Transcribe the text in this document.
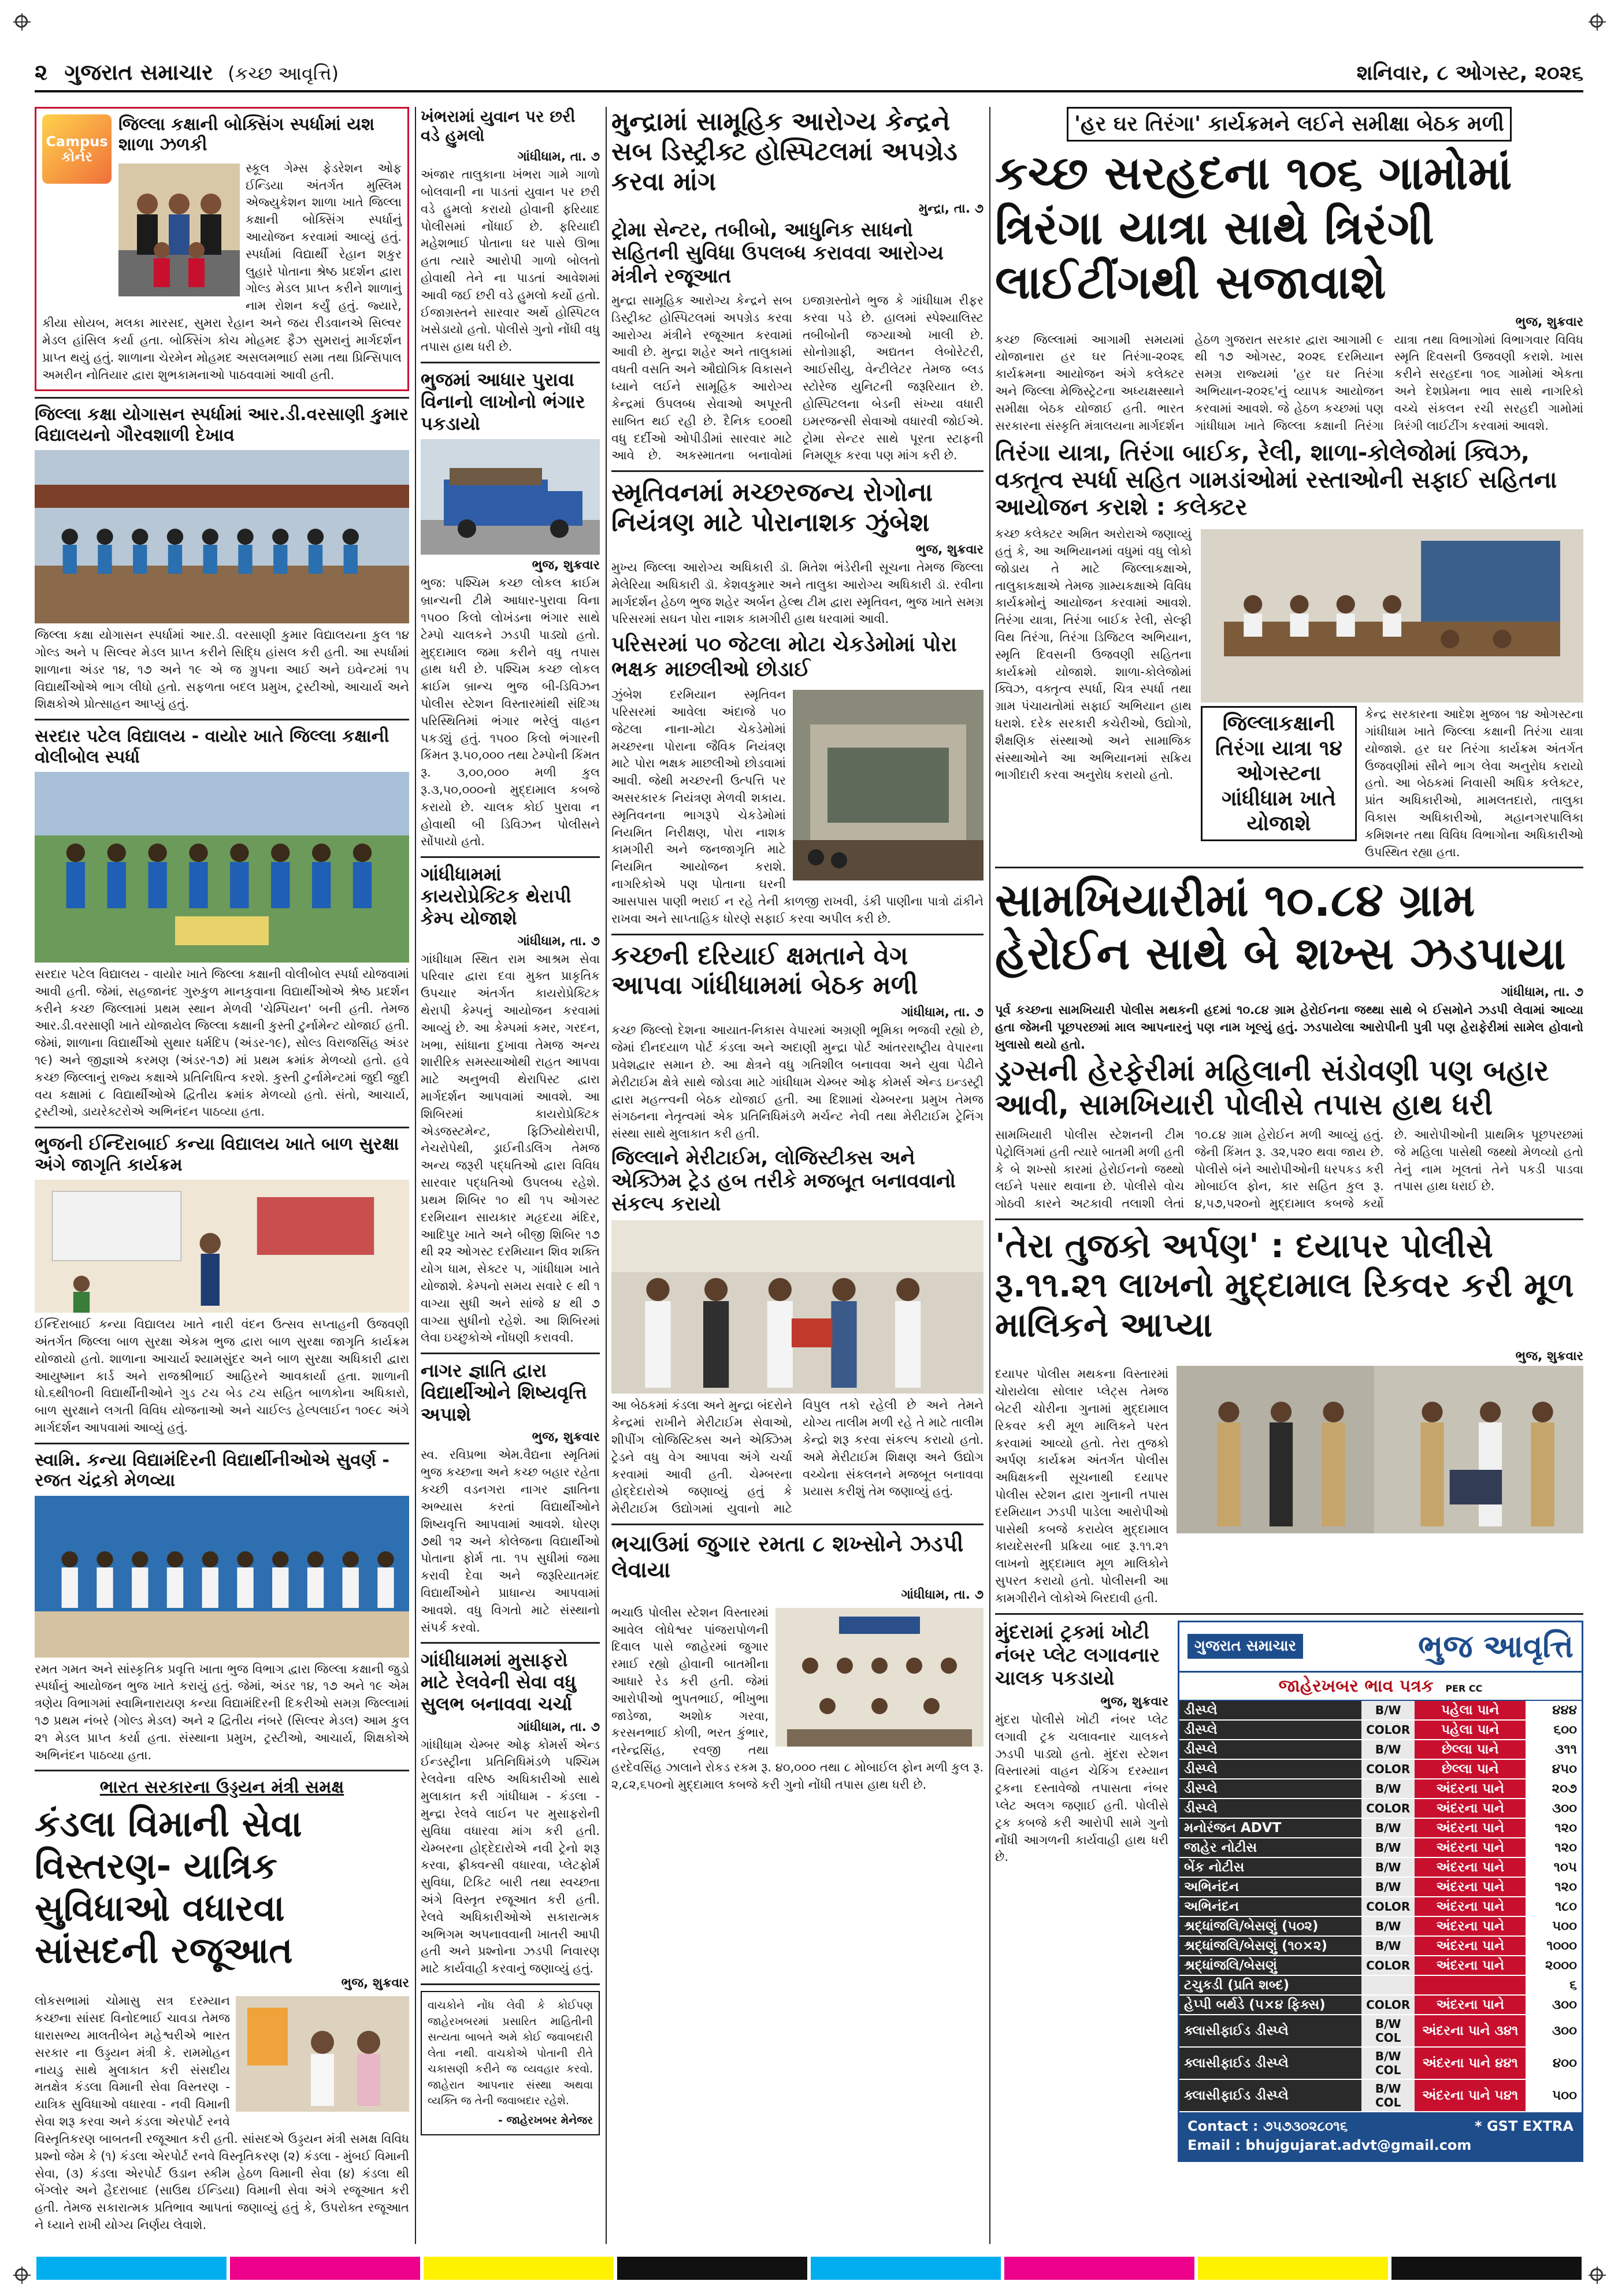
૨ ગુજરાત સમાચાર (કચ્છ આવૃત્તિ)	શનિવાર, ૮ ઓગસ્ટ, ૨૦૨૬
Campus કોર્નર
જિલ્લા કક્ષાની બોક્સિંગ સ્પર્ધામાં યશ શાળા ઝળકી
સ્કૂલ ગેમ્સ ફેડરેશન ઓફ ઈન્ડિયા અંતર્ગત મુસ્લિમ એજ્યુકેશન શાળા ખાતે જિલ્લા કક્ષાની બોક્સિંગ સ્પર્ધાનું આયોજન કરવામાં આવ્યું હતું. સ્પર્ધામાં વિદ્યાર્થી રેહાન શકુર લુહારે પોતાના શ્રેષ્ઠ પ્રદર્શન દ્વારા ગોલ્ડ મેડલ પ્રાપ્ત કરીને શાળાનું નામ રોશન કર્યું હતું. જ્યારે, કીયા સોયબ, મલકા મારસદ, સુમરા રેહાન અને જય રીડવાનએ સિલ્વર મેડલ હાંસિલ કર્યા હતા. બોક્સિંગ કોચ મોહમદ ફૈઝ સુમરાનું માર્ગદર્શન પ્રાપ્ત થયું હતું. શાળાના ચેરમેન મોહમદ અસલમભાઈ સમા તથા પ્રિન્સિપાલ અમરીન નોતિયાર દ્વારા શુભકામનાઓ પાઠવવામાં આવી હતી.
જિલ્લા કક્ષા યોગાસન સ્પર્ધામાં આર.ડી.વરસાણી કુમાર વિદ્યાલયનો ગૌરવશાળી દેખાવ
જિલ્લા કક્ષા યોગાસન સ્પર્ધામાં આર.ડી. વરસાણી કુમાર વિદ્યાલયના કુલ ૧૪ ગોલ્ડ અને ૫ સિલ્વર મેડલ પ્રાપ્ત કરીને સિદ્ધિ હાંસલ કરી હતી. આ સ્પર્ધામાં શાળાના અંડર ૧૪, ૧૭ અને ૧૯ એ જ ગ્રુપના આઈ અને ઇવેન્ટમાં ૧૫ વિદ્યાર્થીઓએ ભાગ લીધો હતો. સફળતા બદલ પ્રમુખ, ટ્રસ્ટીઓ, આચાર્ય અને શિક્ષકોએ પ્રોત્સાહન આપ્યું હતું.
સરદાર પટેલ વિદ્યાલય - વાયોર ખાતે જિલ્લા કક્ષાની વોલીબોલ સ્પર્ધા
સરદાર પટેલ વિદ્યાલય - વાયોર ખાતે જિલ્લા કક્ષાની વોલીબોલ સ્પર્ધા યોજવામાં આવી હતી. જેમાં, સહજાનંદ ગુરુકુળ માનકુવાના વિદ્યાર્થીઓએ શ્રેષ્ઠ પ્રદર્શન કરીને કચ્છ જિલ્લામાં પ્રથમ સ્થાન મેળવી 'ચેમ્પિયન' બની હતી. તેમજ આર.ડી.વરસાણી ખાતે યોજાયેલ જિલ્લા કક્ષાની કુસ્તી ટુર્નામેન્ટ યોજાઈ હતી. જેમાં, શાળાના વિદ્યાર્થીઓ સુથાર ધર્મદિપ (અંડર-૧૯), સોલ્ડ વિરાજસિંહ અંડર ૧૯) અને જીજ્ઞાએ કરમણ (અંડર-૧૭) માં પ્રથમ ક્રમાંક મેળવ્યો હતો. હવે કચ્છ જિલ્લાનું રાજ્ય કક્ષાએ પ્રતિનિધિત્વ કરશે. કુસ્તી ટુર્નામેન્ટમાં જુદી જુદી વય કક્ષામાં ૮ વિદ્યાર્થીઓએ દ્વિતીય ક્રમાંક મેળવ્યો હતો. સંતો, આચાર્ય, ટ્રસ્ટીઓ, ડાયરેક્ટરોએ અભિનંદન પાઠવ્યા હતા.
ભુજની ઈન્દિરાબાઈ કન્યા વિદ્યાલય ખાતે બાળ સુરક્ષા અંગે જાગૃતિ કાર્યક્રમ
ઈન્દિરાબાઈ કન્યા વિદ્યાલય ખાતે નારી વંદન ઉત્સવ સપ્તાહની ઉજવણી અંતર્ગત જિલ્લા બાળ સુરક્ષા એકમ ભુજ દ્વારા બાળ સુરક્ષા જાગૃતિ કાર્યક્રમ યોજાયો હતો. શાળાના આચાર્ય શ્યામસુંદર અને બાળ સુરક્ષા અધિકારી દ્વારા આયુષ્માન કાર્ડ અને રાજશ્રીભાઈ આહિરને આવકાર્યા હતા. શાળાની ધો.૬થી૧૦ની વિદ્યાર્થીનીઓને ગુડ ટચ બેડ ટચ સહિત બાળકોના અધિકારો, બાળ સુરક્ષાને લગતી વિવિધ યોજનાઓ અને ચાઈલ્ડ હેલ્પલાઈન ૧૦૯૮ અંગે માર્ગદર્શન આપવામાં આવ્યું હતું.
સ્વામિ. કન્યા વિદ્યામંદિરની વિદ્યાર્થીનીઓએ સુવર્ણ - રજત ચંદ્રકો મેળવ્યા
રમત ગમત અને સાંસ્કૃતિક પ્રવૃત્તિ ખાતા ભુજ વિભાગ દ્વારા જિલ્લા કક્ષાની જુડો સ્પર્ધાનું આયોજન ભુજ ખાતે કરાયું હતું. જેમાં, અંડર ૧૪, ૧૭ અને ૧૯ એમ ત્રણેય વિભાગમાં સ્વામિનારાયણ કન્યા વિદ્યામંદિરની દિકરીઓ સમગ્ર જિલ્લામાં ૧૭ પ્રથમ નંબરે (ગોલ્ડ મેડલ) અને ૨ દ્વિતીય નંબરે (સિલ્વર મેડલ) આમ કુલ ૨૧ મેડલ પ્રાપ્ત કર્યા હતા. સંસ્થાના પ્રમુખ, ટ્રસ્ટીઓ, આચાર્ય, શિક્ષકોએ અભિનંદન પાઠવ્યા હતા.
ભારત સરકારના ઉડ્ડયન મંત્રી સમક્ષ
કંડલા વિમાની સેવા વિસ્તરણ- યાત્રિક સુવિધાઓ વધારવા સાંસદની રજૂઆત
ભુજ, શુક્રવાર
લોકસભામાં ચોમાસુ સત્ર દરમ્યાન કચ્છના સાંસદ વિનોદભાઈ ચાવડા તેમજ ધારાસભ્ય માલતીબેન મહેશ્વરીએ ભારત સરકાર ના ઉડ્ડયન મંત્રી કે. રામમોહન નાયડુ સાથે મુલાકાત કરી સંસદીય મતક્ષેત્ર કંડલા વિમાની સેવા વિસ્તરણ - યાત્રિક સુવિધાઓ વધારવા - નવી વિમાની સેવા શરૂ કરવા અને કંડલા એરપોર્ટ રનવે વિસ્તૃતિકરણ બાબતની રજૂઆત કરી હતી. સાંસદએ ઉડ્ડયન મંત્રી સમક્ષ વિવિધ પ્રશ્નો જેમ કે (૧) કંડલા એરપોર્ટ રનવે વિસ્તૃતિકરણ (૨) કંડલા - મુંબઈ વિમાની સેવા, (૩) કંડલા એરપોર્ટ ઉડાન સ્કીમ હેઠળ વિમાની સેવા (૪) કંડલા થી બેંગ્લોર અને હૈદરાબાદ (સાઉથ ઈન્ડિયા) વિમાની સેવા અંગે રજૂઆત કરી હતી. તેમજ સકારાત્મક પ્રતિભાવ આપતાં જણાવ્યું હતું કે, ઉપરોક્ત રજૂઆત ને ધ્યાને રાખી યોગ્ય નિર્ણય લેવાશે.
ખંભરામાં યુવાન પર છરી વડે હુમલો
ગાંધીધામ, તા. ૭
અંજાર તાલુકાના ખંભરા ગામે ગાળો બોલવાની ના પાડતાં યુવાન પર છરી વડે હુમલો કરાયો હોવાની ફરિયાદ પોલીસમાં નોંધાઈ છે. ફરિયાદી મહેશભાઈ પોતાના ઘર પાસે ઊભા હતા ત્યારે આરોપી ગાળો બોલતો હોવાથી તેને ના પાડતાં આવેશમાં આવી જઈ છરી વડે હુમલો કર્યો હતો. ઈજાગ્રસ્તને સારવાર અર્થે હોસ્પિટલ ખસેડાયો હતો. પોલીસે ગુનો નોંધી વધુ તપાસ હાથ ધરી છે.
ભુજમાં આધાર પુરાવા વિનાનો લાખોનો ભંગાર પકડાયો
ભુજ, શુક્રવાર
ભુજ: પશ્ચિમ કચ્છ લોકલ ક્રાઈમ બ્રાન્ચની ટીમે આધાર-પુરાવા વિના ૧૫૦૦ કિલો લોખંડના ભંગાર સાથે ટેમ્પો ચાલકને ઝડપી પાડ્યો હતો. મુદ્દામાલ જમા કરીને વધુ તપાસ હાથ ધરી છે. પશ્ચિમ કચ્છ લોકલ ક્રાઈમ બ્રાન્ચ ભુજ બી-ડિવિઝન પોલીસ સ્ટેશન વિસ્તારમાંથી સંદિગ્ધ પરિસ્થિતિમાં ભંગાર ભરેલું વાહન પકડ્યું હતું. ૧૫૦૦ કિલો ભંગારની કિંમત રૂ.૫૦,૦૦૦ તથા ટેમ્પોની કિંમત રૂ. ૩,૦૦,૦૦૦ મળી કુલ રૂ.૩,૫૦,૦૦૦નો મુદ્દામાલ કબજે કરાયો છે. ચાલક કોઈ પુરાવા ન હોવાથી બી ડિવિઝન પોલીસને સોંપાયો હતો.
ગાંધીધામમાં કાયરોપ્રેક્ટિક થેરાપી કેમ્પ યોજાશે
ગાંધીધામ, તા. ૭
ગાંધીધામ સ્થિત રામ આશ્રમ સેવા પરિવાર દ્વારા દવા મુક્ત પ્રાકૃતિક ઉપચાર અંતર્ગત કાયરોપ્રેક્ટિક થેરાપી કેમ્પનું આયોજન કરવામાં આવ્યું છે. આ કેમ્પમાં કમર, ગરદન, ખભા, સાંધાના દુખાવા તેમજ અન્ય શારીરિક સમસ્યાઓથી રાહત આપવા માટે અનુભવી થેરાપિસ્ટ દ્વારા માર્ગદર્શન આપવામાં આવશે. આ શિબિરમાં કાયરોપ્રેક્ટિક એડજસ્ટમેન્ટ, ફિઝિયોથેરાપી, નેચરોપેથી, ડ્રાઈનીડલિંગ તેમજ અન્ય જરૂરી પદ્ધતિઓ દ્વારા વિવિધ સારવાર પદ્ધતિઓ ઉપલબ્ધ રહેશે. પ્રથમ શિબિર ૧૦ થી ૧૫ ઓગસ્ટ દરમિયાન સાયકાર મહૃદયા મંદિર, આદિપુર ખાતે અને બીજી શિબિર ૧૭ થી ૨૨ ઓગસ્ટ દરમિયાન શિવ શક્તિ યોગ ધામ, સેક્ટર ૫, ગાંધીધામ ખાતે યોજાશે. કેમ્પનો સમય સવારે ૯ થી ૧ વાગ્યા સુધી અને સાંજે ૪ થી ૭ વાગ્યા સુધીનો રહેશે. આ શિબિરમાં લેવા ઇચ્છુકોએ નોંધણી કરાવવી.
નાગર જ્ઞાતિ દ્વારા વિદ્યાર્થીઓને શિષ્યવૃત્તિ અપાશે
ભુજ, શુક્રવાર
સ્વ. રવિપ્રભા એમ.વૈદ્યના સ્મૃતિમાં ભુજ કચ્છના અને કચ્છ બહાર રહેતા કચ્છી વડનગરા નાગર જ્ઞાતિના અભ્યાસ કરતાં વિદ્યાર્થીઓને શિષ્યવૃત્તિ આપવામાં આવશે. ધોરણ ૭થી ૧૨ અને કોલેજના વિદ્યાર્થીઓ પોતાના ફોર્મ તા. ૧૫ સુધીમાં જમા કરાવી દેવા અને જરૂરિયાતમંદ વિદ્યાર્થીઓને પ્રાધાન્ય આપવામાં આવશે. વધુ વિગતો માટે સંસ્થાનો સંપર્ક કરવો.
ગાંધીધામમાં મુસાફરો માટે રેલવેની સેવા વધુ સુલભ બનાવવા ચર્ચા
ગાંધીધામ, તા. ૭
ગાંધીધામ ચેમ્બર ઓફ કોમર્સ એન્ડ ઈન્ડસ્ટ્રીના પ્રતિનિધિમંડળે પશ્ચિમ રેલવેના વરિષ્ઠ અધિકારીઓ સાથે મુલાકાત કરી ગાંધીધામ - કંડલા - મુન્દ્રા રેલવે લાઈન પર મુસાફરોની સુવિધા વધારવા માંગ કરી હતી. ચેમ્બરના હોદ્દેદારોએ નવી ટ્રેનો શરૂ કરવા, ફ્રીક્વન્સી વધારવા, પ્લેટફોર્મ સુવિધા, ટિકિટ બારી તથા સ્વચ્છતા અંગે વિસ્તૃત રજૂઆત કરી હતી. રેલવે અધિકારીઓએ સકારાત્મક અભિગમ અપનાવવાની ખાતરી આપી હતી અને પ્રશ્નોના ઝડપી નિવારણ માટે કાર્યવાહી કરવાનું જણાવ્યું હતું.
વાચકોને નોંધ લેવી કે કોઈપણ જાહેરખબરમાં પ્રસારિત માહિતીની સત્યતા બાબતે અમે કોઈ જવાબદારી લેતા નથી. વાચકોએ પોતાની રીતે ચકાસણી કરીને જ વ્યવહાર કરવો. જાહેરાત આપનાર સંસ્થા અથવા વ્યક્તિ જ તેની જવાબદાર રહેશે.
- જાહેરખબર મેનેજર
મુન્દ્રામાં સામૂહિક આરોગ્ય કેન્દ્રને સબ ડિસ્ટ્રીક્ટ હોસ્પિટલમાં અપગ્રેડ કરવા માંગ
મુન્દ્રા, તા. ૭
ટ્રોમા સેન્ટર, તબીબો, આધુનિક સાધનો સહિતની સુવિધા ઉપલબ્ધ કરાવવા આરોગ્ય મંત્રીને રજૂઆત
મુન્દ્રા સામૂહિક આરોગ્ય કેન્દ્રને સબ ડિસ્ટ્રીક્ટ હોસ્પિટલમાં અપગ્રેડ કરવા આરોગ્ય મંત્રીને રજૂઆત કરવામાં આવી છે. મુન્દ્રા શહેર અને તાલુકામાં વધતી વસતિ અને ઔદ્યોગિક વિકાસને ધ્યાને લઈને સામૂહિક આરોગ્ય કેન્દ્રમાં ઉપલબ્ધ સેવાઓ અપૂરતી સાબિત થઈ રહી છે. દૈનિક ૬૦૦થી વધુ દર્દીઓ ઓપીડીમાં સારવાર માટે આવે છે. અકસ્માતના બનાવોમાં ઇજાગ્રસ્તોને ભુજ કે ગાંધીધામ રીફર કરવા પડે છે. હાલમાં સ્પેશ્યાલિસ્ટ તબીબોની જગ્યાઓ ખાલી છે. સોનોગ્રાફી, અદ્યતન લેબોરેટરી, આઈસીયુ, વેન્ટીલેટર તેમજ બ્લડ સ્ટોરેજ યુનિટની જરૂરિયાત છે. હોસ્પિટલના બેડની સંખ્યા વધારી ઇમરજન્સી સેવાઓ વધારવી જોઈએ. ટ્રોમા સેન્ટર સાથે પૂરતા સ્ટાફની નિમણૂક કરવા પણ માંગ કરી છે.
સ્મૃતિવનમાં મચ્છરજન્ય રોગોના નિયંત્રણ માટે પોરાનાશક ઝુંબેશ
ભુજ, શુક્રવાર
મુખ્ય જિલ્લા આરોગ્ય અધિકારી ડૉ. મિતેશ ભંડેરીની સૂચના તેમજ જિલ્લા મેલેરિયા અધિકારી ડૉ. કેશવકુમાર અને તાલુકા આરોગ્ય અધિકારી ડૉ. રવીના માર્ગદર્શન હેઠળ ભુજ શહેર અર્બન હેલ્થ ટીમ દ્વારા સ્મૃતિવન, ભુજ ખાતે સમગ્ર પરિસરમાં સઘન પોરા નાશક કામગીરી હાથ ધરવામાં આવી.
પરિસરમાં ૫૦ જેટલા મોટા ચેકડેમોમાં પોરા ભક્ષક માછલીઓ છોડાઈ
ઝુંબેશ દરમિયાન સ્મૃતિવન પરિસરમાં આવેલા અંદાજે ૫૦ જેટલા નાના-મોટા ચેકડેમોમાં મચ્છરના પોરાના જૈવિક નિયંત્રણ માટે પોરા ભક્ષક માછલીઓ છોડવામાં આવી. જેથી મચ્છરની ઉત્પત્તિ પર અસરકારક નિયંત્રણ મેળવી શકાય. સ્મૃતિવનના ભાગરૂપે ચેકડેમોમાં નિયમિત નિરીક્ષણ, પોરા નાશક કામગીરી અને જનજાગૃતિ માટે નિયમિત આયોજન કરાશે. નાગરિકોએ પણ પોતાના ઘરની આસપાસ પાણી ભરાઈ ન રહે તેની કાળજી રાખવી, ડંકી પાણીના પાત્રો ઢાંકીને રાખવા અને સાપ્તાહિક ધોરણે સફાઈ કરવા અપીલ કરી છે.
કચ્છની દરિયાઈ ક્ષમતાને વેગ આપવા ગાંધીધામમાં બેઠક મળી
ગાંધીધામ, તા. ૭
કચ્છ જિલ્લો દેશના આયાત-નિકાસ વેપારમાં અગ્રણી ભૂમિકા ભજવી રહ્યો છે, જેમાં દીનદયાળ પોર્ટ કંડલા અને અદાણી મુન્દ્રા પોર્ટ આંતરરાષ્ટ્રીય વેપારના પ્રવેશદ્વાર સમાન છે. આ ક્ષેત્રને વધુ ગતિશીલ બનાવવા અને યુવા પેઢીને મેરીટાઈમ ક્ષેત્રે સાથે જોડવા માટે ગાંધીધામ ચેમ્બર ઓફ કોમર્સ એન્ડ ઇન્ડસ્ટ્રી દ્વારા મહત્ત્વની બેઠક યોજાઈ હતી. આ દિશામાં ચેમ્બરના પ્રમુખ તેમજ સંગઠનના નેતૃત્વમાં એક પ્રતિનિધિમંડળે મર્ચન્ટ નેવી તથા મેરીટાઈમ ટ્રેનિંગ સંસ્થા સાથે મુલાકાત કરી હતી.
જિલ્લાને મેરીટાઈમ, લોજિસ્ટીક્સ અને એક્ઝિમ ટ્રેડ હબ તરીકે મજબૂત બનાવવાનો સંકલ્પ કરાયો
આ બેઠકમાં કંડલા અને મુન્દ્રા બંદરોને કેન્દ્રમાં રાખીને મેરીટાઈમ સેવાઓ, શીપીંગ લોજિસ્ટિક્સ અને એક્ઝિમ ટ્રેડને વધુ વેગ આપવા અંગે ચર્ચા કરવામાં આવી હતી. ચેમ્બરના હોદ્દેદારોએ જણાવ્યું હતું કે મેરીટાઈમ ઉદ્યોગમાં યુવાનો માટે વિપુલ તકો રહેલી છે અને તેમને યોગ્ય તાલીમ મળી રહે તે માટે તાલીમ કેન્દ્રો શરૂ કરવા સંકલ્પ કરાયો હતો. અમે મેરીટાઈમ શિક્ષણ અને ઉદ્યોગ વચ્ચેના સંકલનને મજબૂત બનાવવા પ્રયાસ કરીશું તેમ જણાવ્યું હતું.
ભચાઉમાં જુગાર રમતા ૮ શખ્સોને ઝડપી લેવાયા
ગાંધીધામ, તા. ૭
ભચાઉ પોલીસ સ્ટેશન વિસ્તારમાં આવેલ લોધેશ્વર પાંજરાપોળની દિવાલ પાસે જાહેરમાં જુગાર રમાઈ રહ્યો હોવાની બાતમીના આધારે રેડ કરી હતી. જેમાં આરોપીઓ ભુપતભાઈ, ભીખુભા જાડેજા, અશોક ગરવા, કરસનભાઈ કોળી, ભરત કુંભાર, નરેન્દ્રસિંહ, રવજી તથા હરદેવસિંહ ઝાલાને રોકડ રકમ રૂ. ૪૦,૦૦૦ તથા ૮ મોબાઈલ ફોન મળી કુલ રૂ. ૨,૮૨,૬૫૦નો મુદ્દામાલ કબજે કરી ગુનો નોંધી તપાસ હાથ ધરી છે.
'હર ઘર તિરંગા' કાર્યક્રમને લઈને સમીક્ષા બેઠક મળી
કચ્છ સરહદના ૧૦૬ ગામોમાં ત્રિરંગા યાત્રા સાથે ત્રિરંગી લાઈટીંગથી સજાવાશે
ભુજ, શુક્રવાર
કચ્છ જિલ્લામાં આગામી સમયમાં યોજાનારા હર ઘર તિરંગા-૨૦૨૬ કાર્યક્રમના આયોજન અંગે કલેક્ટર અને જિલ્લા મેજિસ્ટ્રેટના અધ્યક્ષસ્થાને સમીક્ષા બેઠક યોજાઈ હતી. ભારત સરકારના સંસ્કૃતિ મંત્રાલયના માર્ગદર્શન હેઠળ ગુજરાત સરકાર દ્વારા આગામી ૯ થી ૧૭ ઓગસ્ટ, ૨૦૨૬ દરમિયાન સમગ્ર રાજ્યમાં 'હર ઘર તિરંગા અભિયાન-૨૦૨૬'નું વ્યાપક આયોજન કરવામાં આવશે. જે હેઠળ કચ્છમાં પણ ગાંધીધામ ખાતે જિલ્લા કક્ષાની તિરંગા યાત્રા તથા વિભાગોમાં વિભાગવાર વિવિધ સ્મૃતિ દિવસની ઉજવણી કરાશે. ખાસ કરીને સરહદના ૧૦૬ ગામોમાં એકતા અને દેશપ્રેમના ભાવ સાથે નાગરિકો વચ્ચે સંકલન રચી સરહદી ગામોમાં ત્રિરંગી લાઈટીંગ કરવામાં આવશે.
તિરંગા યાત્રા, તિરંગા બાઈક, રેલી, શાળા-કોલેજોમાં ક્વિઝ, વક્તૃત્વ સ્પર્ધા સહિત ગામડાંઓમાં રસ્તાઓની સફાઈ સહિતના આયોજન કરાશે : કલેક્ટર
કચ્છ કલેક્ટર અમિત અરોરાએ જણાવ્યું હતું કે, આ અભિયાનમાં વધુમાં વધુ લોકો જોડાય તે માટે જિલ્લાકક્ષાએ, તાલુકાકક્ષાએ તેમજ ગ્રામ્યકક્ષાએ વિવિધ કાર્યક્રમોનું આયોજન કરવામાં આવશે. તિરંગા યાત્રા, તિરંગા બાઈક રેલી, સેલ્ફી વિથ તિરંગા, તિરંગા ડિજિટલ અભિયાન, સ્મૃતિ દિવસની ઉજવણી સહિતના કાર્યક્રમો યોજાશે. શાળા-કોલેજોમાં ક્વિઝ, વક્તૃત્વ સ્પર્ધા, ચિત્ર સ્પર્ધા તથા ગ્રામ પંચાયતોમાં સફાઈ અભિયાન હાથ ધરાશે. દરેક સરકારી કચેરીઓ, ઉદ્યોગો, શૈક્ષણિક સંસ્થાઓ અને સામાજિક સંસ્થાઓને આ અભિયાનમાં સક્રિય ભાગીદારી કરવા અનુરોધ કરાયો હતો.
જિલ્લાકક્ષાની તિરંગા યાત્રા ૧૪ ઓગસ્ટના ગાંધીધામ ખાતે યોજાશે
કેન્દ્ર સરકારના આદેશ મુજબ ૧૪ ઓગસ્ટના ગાંધીધામ ખાતે જિલ્લા કક્ષાની તિરંગા યાત્રા યોજાશે. હર ઘર તિરંગા કાર્યક્રમ અંતર્ગત ઉજવણીમાં સૌને ભાગ લેવા અનુરોધ કરાયો હતો. આ બેઠકમાં નિવાસી અધિક કલેક્ટર, પ્રાંત અધિકારીઓ, મામલતદારો, તાલુકા વિકાસ અધિકારીઓ, મહાનગરપાલિકા કમિશનર તથા વિવિધ વિભાગોના અધિકારીઓ ઉપસ્થિત રહ્યા હતા.
સામખિયારીમાં ૧૦.૮૪ ગ્રામ હેરોઈન સાથે બે શખ્સ ઝડપાયા
ગાંધીધામ, તા. ૭
પૂર્વ કચ્છના સામખિયારી પોલીસ મથકની હદમાં ૧૦.૮૪ ગ્રામ હેરોઈનના જથ્થા સાથે બે ઈસમોને ઝડપી લેવામાં આવ્યા હતા જેમની પૂછપરછમાં માલ આપનારનું પણ નામ ખૂલ્યું હતું. ઝડપાયેલા આરોપીની પુત્રી પણ હેરાફેરીમાં સામેલ હોવાનો ખુલાસો થયો હતો.
ડ્રગ્સની હેરફેરીમાં મહિલાની સંડોવણી પણ બહાર આવી, સામખિયારી પોલીસે તપાસ હાથ ધરી
સામખિયારી પોલીસ સ્ટેશનની ટીમ પેટ્રોલિંગમાં હતી ત્યારે બાતમી મળી હતી કે બે શખ્સો કારમાં હેરોઈનનો જથ્થો લઈને પસાર થવાના છે. પોલીસે વોચ ગોઠવી કારને અટકાવી તલાશી લેતાં ૧૦.૮૪ ગ્રામ હેરોઈન મળી આવ્યું હતું. જેની કિંમત રૂ. ૩૨,૫૨૦ થવા જાય છે. પોલીસે બંને આરોપીઓની ધરપકડ કરી મોબાઈલ ફોન, કાર સહિત કુલ રૂ. ૪,૫૭,૫૨૦નો મુદ્દામાલ કબજે કર્યો છે. આરોપીઓની પ્રાથમિક પૂછપરછમાં જે મહિલા પાસેથી જથ્થો મેળવ્યો હતો તેનું નામ ખૂલતાં તેને પકડી પાડવા તપાસ હાથ ધરાઈ છે.
'તેરા તુજકો અર્પણ' : દયાપર પોલીસે રૂ.૧૧.૨૧ લાખનો મુદ્દામાલ રિકવર કરી મૂળ માલિકને આપ્યા
ભુજ, શુક્રવાર
દયાપર પોલીસ મથકના વિસ્તારમાં ચોરાયેલા સોલાર પ્લેટ્સ તેમજ બેટરી ચોરીના ગુનામાં મુદ્દામાલ રિકવર કરી મૂળ માલિકને પરત કરવામાં આવ્યો હતો. તેરા તુજકો અર્પણ કાર્યક્રમ અંતર્ગત પોલીસ અધિક્ષકની સૂચનાથી દયાપર પોલીસ સ્ટેશન દ્વારા ગુનાની તપાસ દરમિયાન ઝડપી પાડેલા આરોપીઓ પાસેથી કબજે કરાયેલ મુદ્દામાલ કાયદેસરની પ્રક્રિયા બાદ રૂ.૧૧.૨૧ લાખનો મુદ્દામાલ મૂળ માલિકોને સુપરત કરાયો હતો. પોલીસની આ કામગીરીને લોકોએ બિરદાવી હતી.
મુંદરામાં ટ્રકમાં ખોટી નંબર પ્લેટ લગાવનાર ચાલક પકડાયો
ભુજ, શુક્રવાર
મુંદરા પોલીસે ખોટી નંબર પ્લેટ લગાવી ટ્રક ચલાવનાર ચાલકને ઝડપી પાડ્યો હતો. મુંદરા સ્ટેશન વિસ્તારમાં વાહન ચેકિંગ દરમ્યાન ટ્રકના દસ્તાવેજો તપાસતા નંબર પ્લેટ અલગ જણાઈ હતી. પોલીસે ટ્રક કબજે કરી આરોપી સામે ગુનો નોંધી આગળની કાર્યવાહી હાથ ધરી છે.
ગુજરાત સમાચાર	ભુજ આવૃત્તિ
જાહેરખબર ભાવ પત્રક PER CC
ડીસ્પ્લે	B/W	પહેલા પાને	૪૪૪
ડીસ્પ્લે	COLOR	પહેલા પાને	૬૦૦
ડીસ્પ્લે	B/W	છેલ્લા પાને	૩૧૧
ડીસ્પ્લે	COLOR	છેલ્લા પાને	૪૫૦
ડીસ્પ્લે	B/W	અંદરના પાને	૨૦૭
ડીસ્પ્લે	COLOR	અંદરના પાને	૩૦૦
મનોરંજન ADVT	B/W	અંદરના પાને	૧૨૦
જાહેર નોટીસ	B/W	અંદરના પાને	૧૨૦
બેંક નોટીસ	B/W	અંદરના પાને	૧૦૫
અભિનંદન	B/W	અંદરના પાને	૧૨૦
અભિનંદન	COLOR	અંદરના પાને	૧૮૦
શ્રદ્ધાંજલિ/બેસણું (૫૦૨)	B/W	અંદરના પાને	૫૦૦
શ્રદ્ધાંજલિ/બેસણું (૧૦×૨)	B/W	અંદરના પાને	૧૦૦૦
શ્રદ્ધાંજલિ/બેસણું	COLOR	અંદરના પાને	૨૦૦૦
ટચુકડી (પ્રતિ શબ્દ)			૬
હેપ્પી બર્થડે (૫×૪ ફિક્સ)	COLOR	અંદરના પાને	૩૦૦
ક્લાસીફાઈડ ડીસ્પ્લે	B/W COL	અંદરના પાને ૩૪૧	૩૦૦
ક્લાસીફાઈડ ડીસ્પ્લે	B/W COL	અંદરના પાને ૪૪૧	૪૦૦
ક્લાસીફાઈડ ડીસ્પ્લે	B/W COL	અંદરના પાને ૫૪૧	૫૦૦
Contact : ૭૫૭૩૦૨૮૦૧૬	* GST EXTRA
Email : bhujgujarat.advt@gmail.com
